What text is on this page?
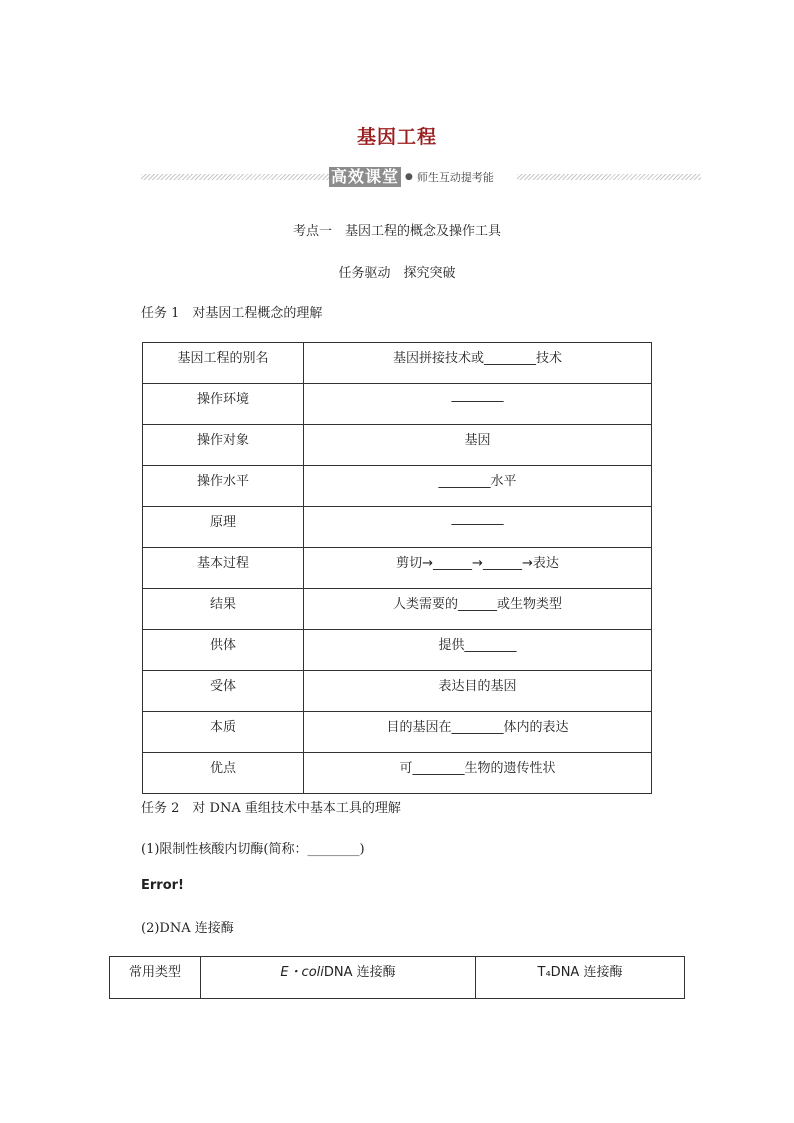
基因工程
高效课堂 ● 师生互动提考能
考点一　基因工程的概念及操作工具
任务驱动　探究突破
任务 1　对基因工程概念的理解
基因工程的别名	基因拼接技术或________技术
操作环境	________
操作对象	基因
操作水平	________水平
原理	________
基本过程	剪切→______→______→表达
结果	人类需要的______或生物类型
供体	提供________
受体	表达目的基因
本质	目的基因在________体内的表达
优点	可________生物的遗传性状
任务 2　对 DNA 重组技术中基本工具的理解
(1)限制性核酸内切酶(简称：________)
Error!
(2)DNA 连接酶
常用类型	E・coliDNA 连接酶	T₄DNA 连接酶
